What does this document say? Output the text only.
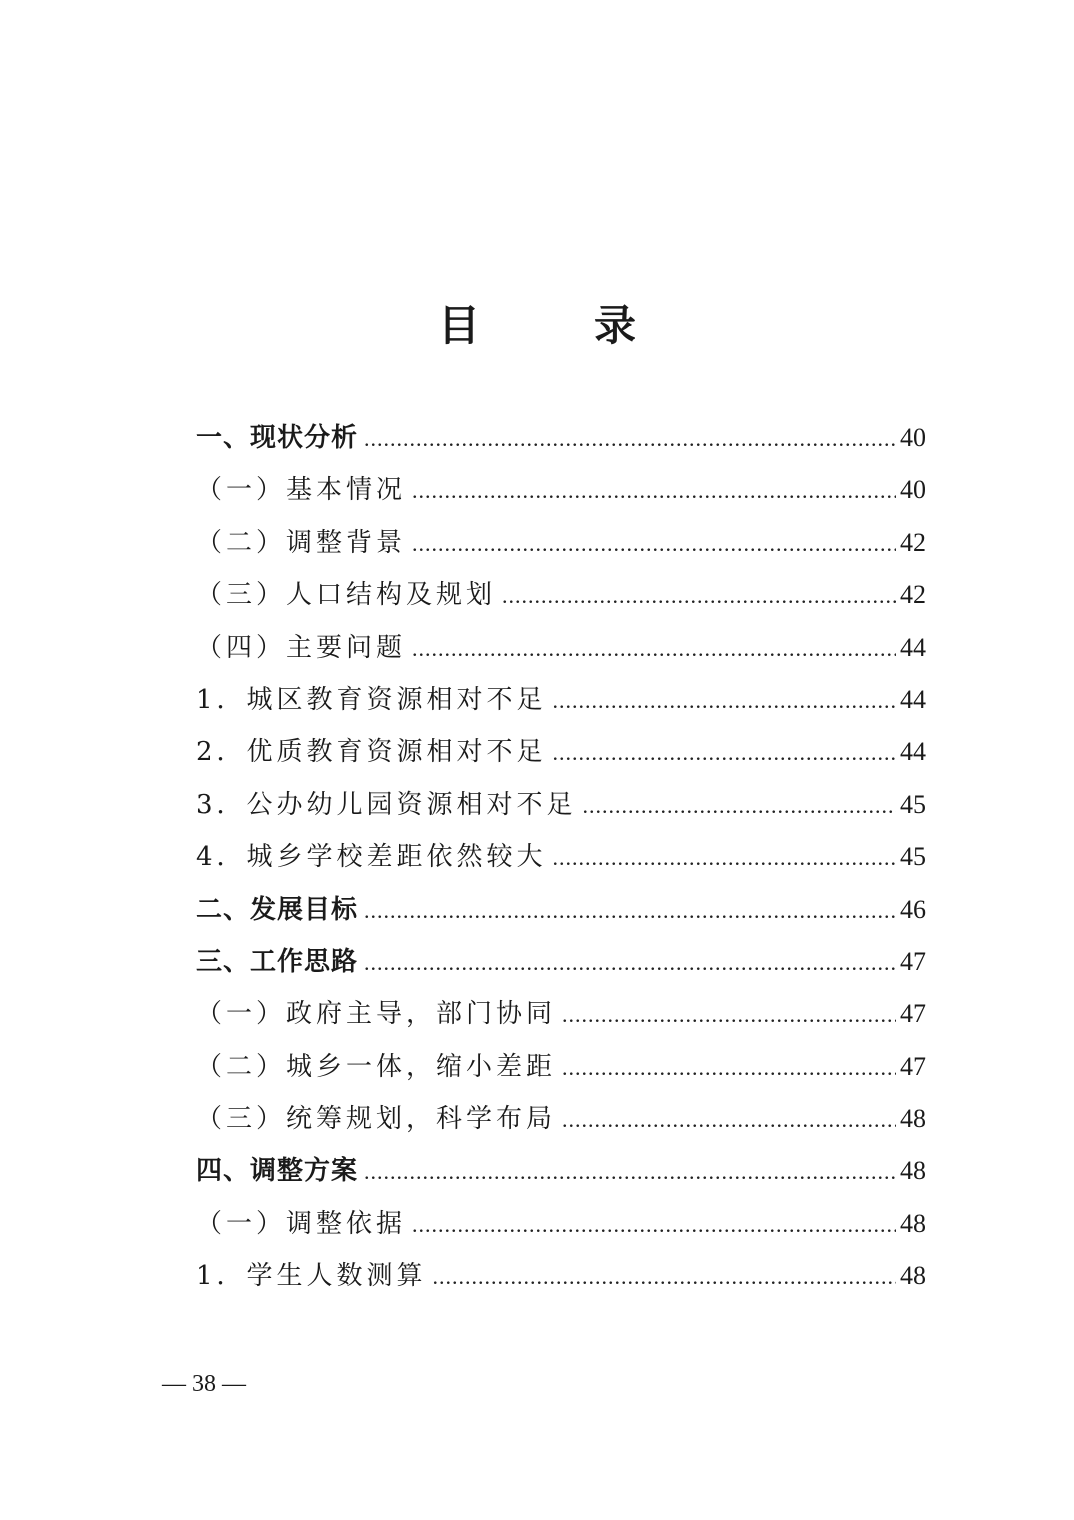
目　录
一、现状分析 .....	40
（一）基本情况 .....	40
（二）调整背景 .....	42
（三）人口结构及规划 .....	42
（四）主要问题 .....	44
1．城区教育资源相对不足 .....	44
2．优质教育资源相对不足 .....	44
3．公办幼儿园资源相对不足 .....	45
4．城乡学校差距依然较大 .....	45
二、发展目标 .....	46
三、工作思路 .....	47
（一）政府主导，部门协同 .....	47
（二）城乡一体，缩小差距 .....	47
（三）统筹规划，科学布局 .....	48
四、调整方案 .....	48
（一）调整依据 .....	48
1．学生人数测算 .....	48
— 38 —
